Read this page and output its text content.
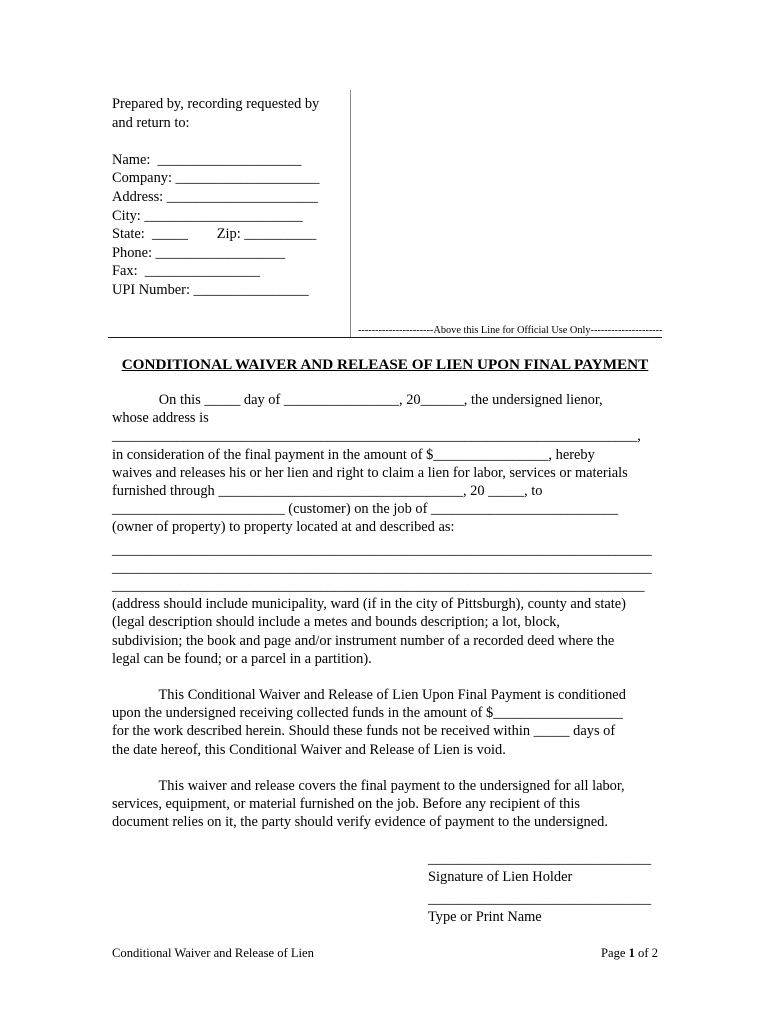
Prepared by, recording requested by
and return to:

Name:  ____________________
Company: ____________________
Address: _____________________
City: ______________________
State:  _____        Zip: __________
Phone: __________________
Fax:  ________________
UPI Number: ________________
----------------------Above this Line for Official Use Only---------------------
CONDITIONAL WAIVER AND RELEASE OF LIEN UPON FINAL PAYMENT
On this _____ day of ________________, 20______, the undersigned lienor,
whose address is
_________________________________________________________________________,
in consideration of the final payment in the amount of $________________, hereby
waives and releases his or her lien and right to claim a lien for labor, services or materials
furnished through __________________________________, 20 _____, to
________________________ (customer) on the job of __________________________
(owner of property) to property located at and described as:
___________________________________________________________________________
___________________________________________________________________________
__________________________________________________________________________
(address should include municipality, ward (if in the city of Pittsburgh), county and state)
(legal description should include a metes and bounds description; a lot, block,
subdivision; the book and page and/or instrument number of a recorded deed where the
legal can be found; or a parcel in a partition).
This Conditional Waiver and Release of Lien Upon Final Payment is conditioned
upon the undersigned receiving collected funds in the amount of $__________________
for the work described herein. Should these funds not be received within _____ days of
the date hereof, this Conditional Waiver and Release of Lien is void.
This waiver and release covers the final payment to the undersigned for all labor,
services, equipment, or material furnished on the job. Before any recipient of this
document relies on it, the party should verify evidence of payment to the undersigned.
_______________________________
Signature of Lien Holder
_______________________________
Type or Print Name
Conditional Waiver and Release of Lien	Page 1 of 2
